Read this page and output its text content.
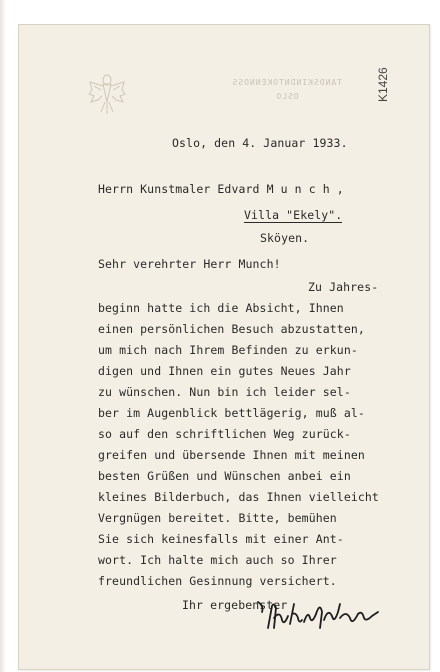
K1426
TANDSKINDNTOKENNOSS
OSLO
Oslo, den 4. Januar 1933.
Herrn Kunstmaler Edvard M u n c h ,
Villa "Ekely".
Sköyen.
Sehr verehrter Herr Munch!
Zu Jahres-
beginn hatte ich die Absicht, Ihnen
einen persönlichen Besuch abzustatten,
um mich nach Ihrem Befinden zu erkun-
digen und Ihnen ein gutes Neues Jahr
zu wünschen. Nun bin ich leider sel-
ber im Augenblick bettlägerig, muß al-
so auf den schriftlichen Weg zurück-
greifen und übersende Ihnen mit meinen
besten Grüßen und Wünschen anbei ein
kleines Bilderbuch, das Ihnen vielleicht
Vergnügen bereitet. Bitte, bemühen
Sie sich keinesfalls mit einer Ant-
wort. Ich halte mich auch so Ihrer
freundlichen Gesinnung versichert.
Ihr ergebenster
